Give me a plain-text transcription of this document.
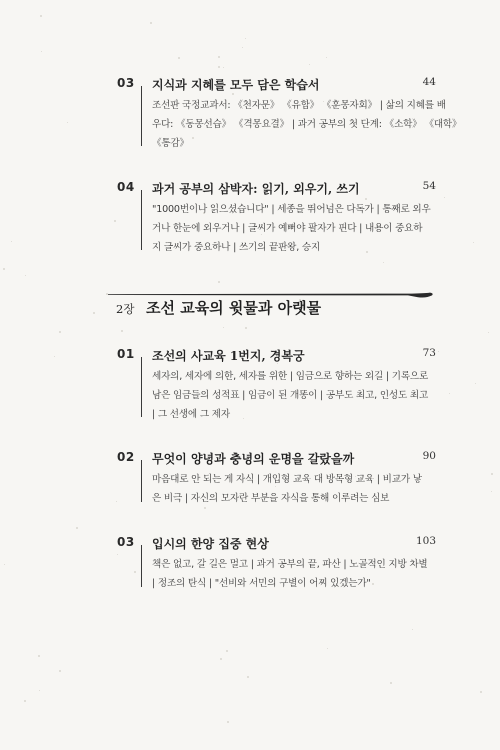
03 지식과 지혜를 모두 담은 학습서	44
조선판 국정교과서: 《천자문》 《유합》 《훈몽자회》 | 삶의 지혜를 배
우다: 《동몽선습》 《격몽요결》 | 과거 공부의 첫 단계: 《소학》 《대학》
《통감》
04 과거 공부의 삼박자: 읽기, 외우기, 쓰기	54
"1000번이나 읽으셨습니다" | 세종을 뛰어넘은 다독가 | 통째로 외우
거나 한눈에 외우거나 | 글씨가 예뻐야 팔자가 핀다 | 내용이 중요하
지 글씨가 중요하나 | 쓰기의 끝판왕, 승지
2장 조선 교육의 윗물과 아랫물
01 조선의 사교육 1번지, 경복궁	73
세자의, 세자에 의한, 세자를 위한 | 임금으로 향하는 외길 | 기록으로
남은 임금들의 성적표 | 임금이 된 개똥이 | 공부도 최고, 인성도 최고
| 그 선생에 그 제자
02 무엇이 양녕과 충녕의 운명을 갈랐을까	90
마음대로 안 되는 게 자식 | 개입형 교육 대 방목형 교육 | 비교가 낳
은 비극 | 자신의 모자란 부분을 자식을 통해 이루려는 심보
03 입시의 한양 집중 현상	103
책은 없고, 갈 길은 멀고 | 과거 공부의 끝, 파산 | 노골적인 지방 차별
| 정조의 탄식 | "선비와 서민의 구별이 어찌 있겠는가"
